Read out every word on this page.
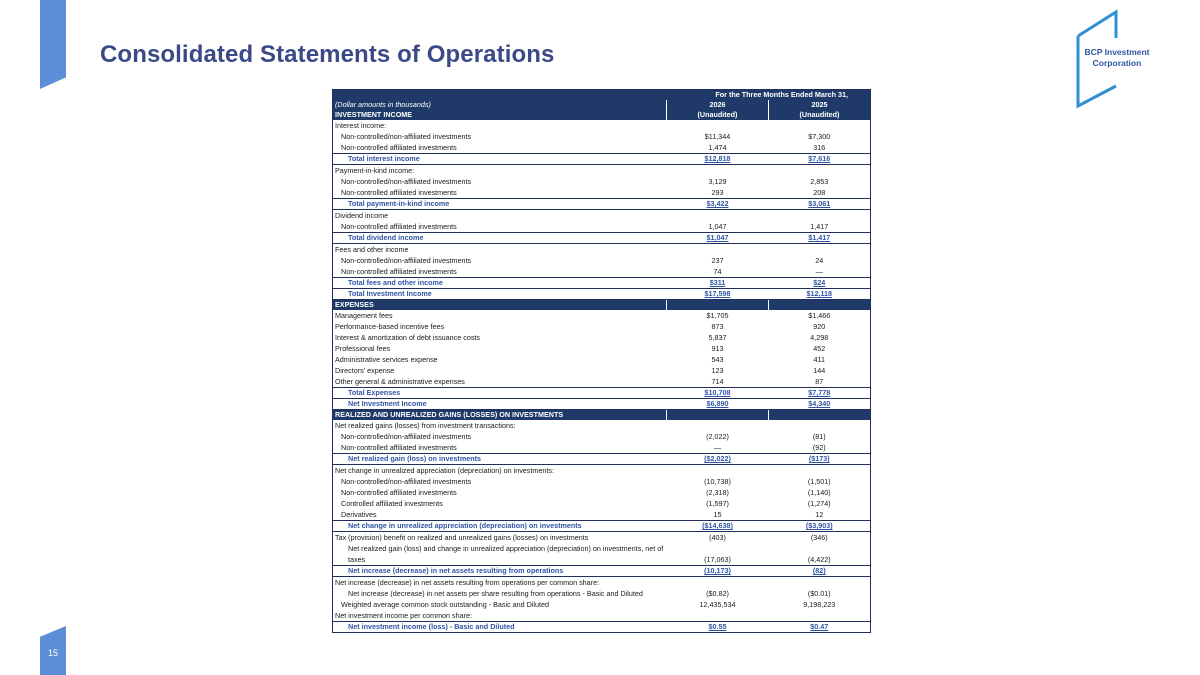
15
Consolidated Statements of Operations	BCP Investment
Corporation
	For the Three Months Ended March 31,	
(Dollar amounts in thousands)	2026	2025
INVESTMENT INCOME	(Unaudited)	(Unaudited)
Interest income:		
Non-controlled/non-affiliated investments	$11,344	$7,300
Non-controlled affiliated investments	1,474	316
Total interest income	$12,818	$7,616
Payment-in-kind income:		
Non-controlled/non-affiliated investments	3,129	2,853
Non-controlled affiliated investments	293	208
Total payment-in-kind income	$3,422	$3,061
Dividend income		
Non-controlled affiliated investments	1,047	1,417
Total dividend income	$1,047	$1,417
Fees and other income		
Non-controlled/non-affiliated investments	237	24
Non-controlled affiliated investments	74	—
Total fees and other income	$311	$24
Total Investment Income	$17,598	$12,118
EXPENSES		
Management fees	$1,705	$1,466
Performance-based incentive fees	873	920
Interest & amortization of debt issuance costs	5,837	4,298
Professional fees	913	452
Administrative services expense	543	411
Directors' expense	123	144
Other general & administrative expenses	714	87
Total Expenses	$10,708	$7,778
Net Investment Income	$6,890	$4,340
REALIZED AND UNREALIZED GAINS (LOSSES) ON INVESTMENTS		
Net realized gains (losses) from investment transactions:		
Non-controlled/non-affiliated investments	(2,022)	(81)
Non-controlled affiliated investments	—	(92)
Net realized gain (loss) on investments	($2,022)	($173)
Net change in unrealized appreciation (depreciation) on investments:		
Non-controlled/non-affiliated investments	(10,738)	(1,501)
Non-controlled affiliated investments	(2,318)	(1,140)
Controlled affiliated investments	(1,597)	(1,274)
Derivatives	15	12
Net change in unrealized appreciation (depreciation) on investments	($14,638)	($3,903)
Tax (provision) benefit on realized and unrealized gains (losses) on investments	(403)	(346)
Net realized gain (loss) and change in unrealized appreciation (depreciation) on investments, net of taxes	(17,063)	(4,422)
Net increase (decrease) in net assets resulting from operations	(10,173)	(82)
Net increase (decrease) in net assets resulting from operations per common share:		
Net increase (decrease) in net assets per share resulting from operations - Basic and Diluted	($0.82)	($0.01)
Weighted average common stock outstanding - Basic and Diluted	12,435,534	9,198,223
Net investment income per common share:		
Net investment income (loss) - Basic and Diluted	$0.55	$0.47
